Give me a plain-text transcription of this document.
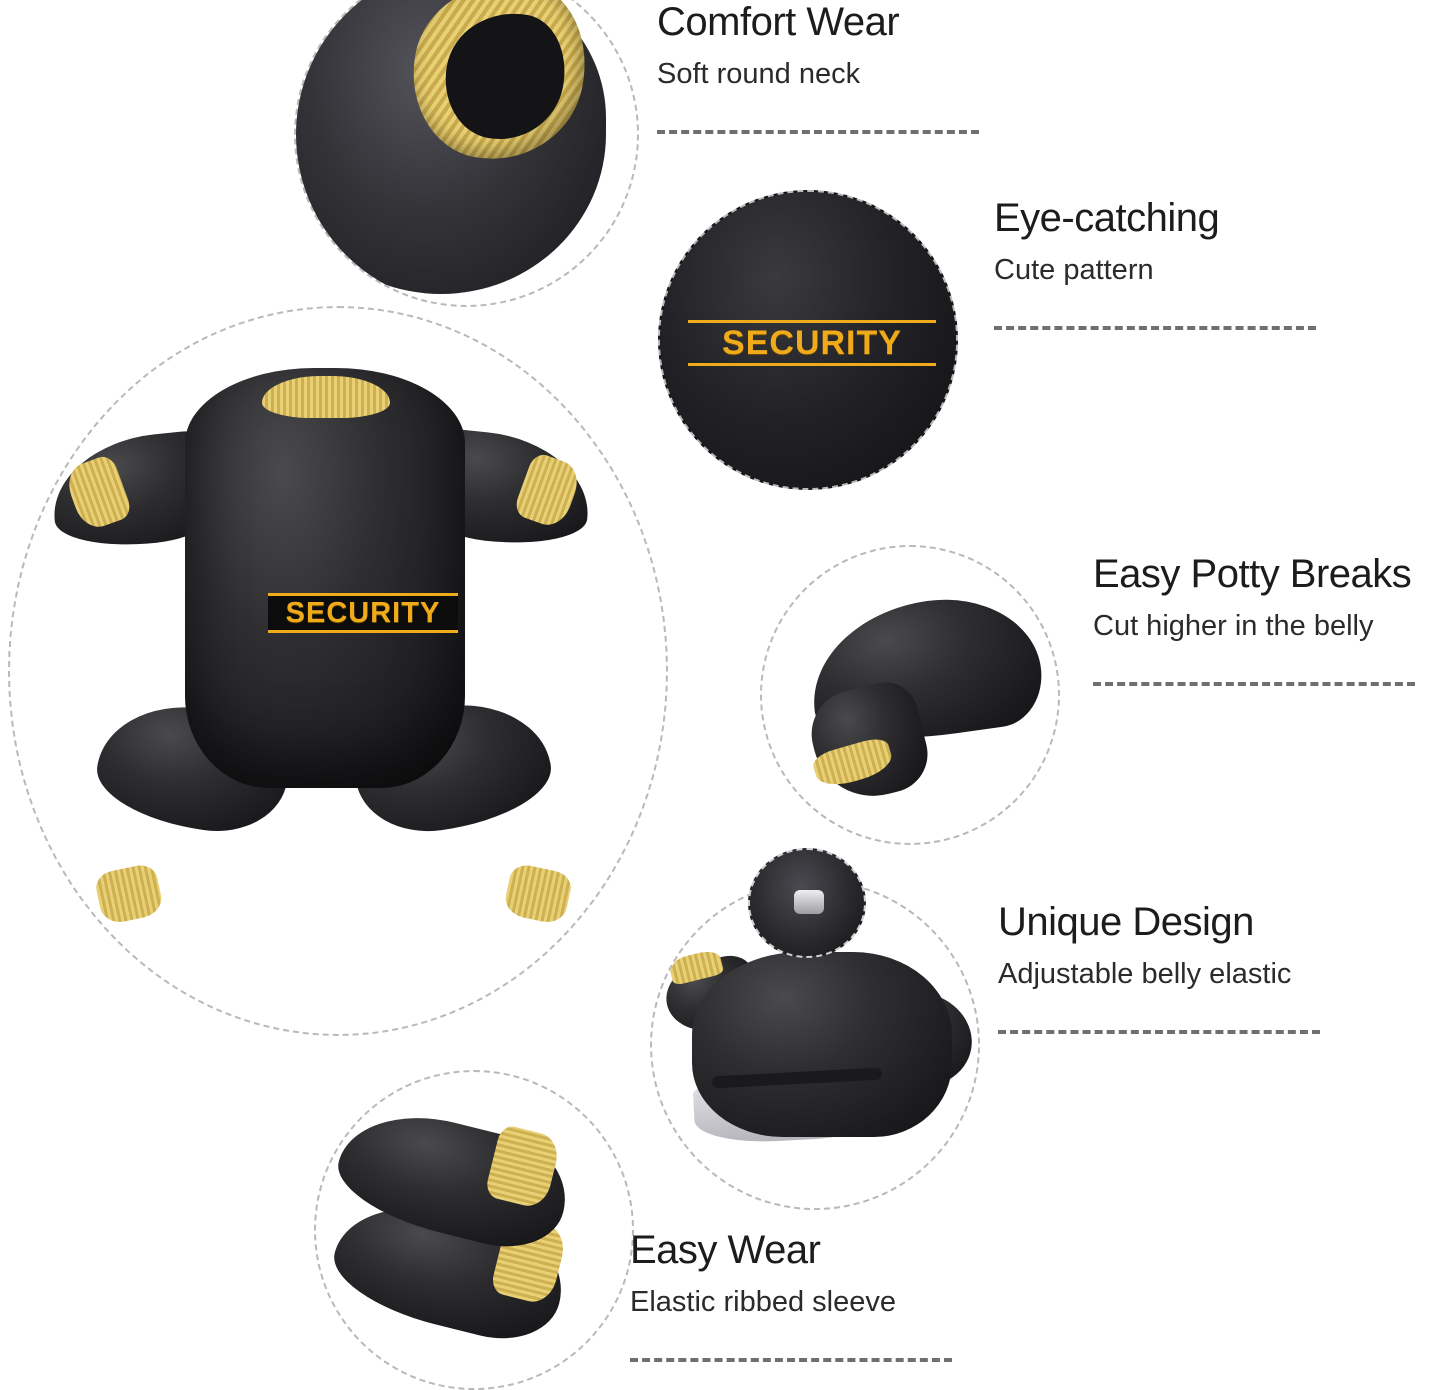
SECURITY
Comfort Wear
Soft round neck
SECURITY
Eye-catching
Cute pattern
Easy Potty Breaks
Cut higher in the belly
Unique Design
Adjustable belly elastic
Easy Wear
Elastic ribbed sleeve
